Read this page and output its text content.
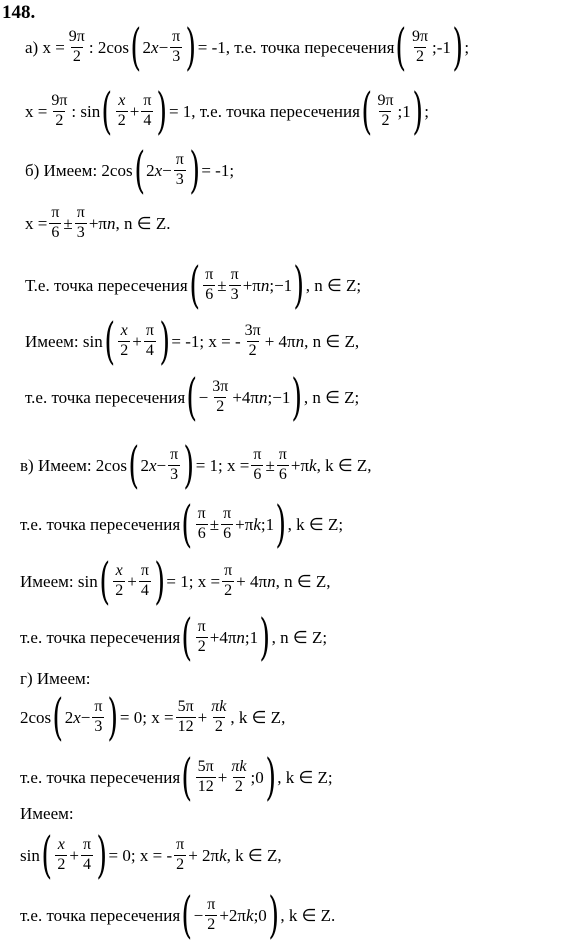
148.
а) $x = \frac{9\pi}{2}$ : $2\cos(2x- \frac{\pi}{3}$ )= -1, т.е. точка пересечения( $\frac{9\pi}{2}$ ;-1);
$x = \frac{9\pi}{2}$ : $\sin( \frac{x}{2} + \frac{\pi}{4}$ )= 1, т.е. точка пересечения( $\frac{9\pi}{2}$ ;1);
б) Имеем: $2\cos(2x- \frac{\pi}{3}$ )= -1;
$x = \frac{\pi}{6} \pm \frac{\pi}{3} +\pi n$, n ∈ Z.
Т.е. точка пересечения( $\frac{\pi}{6} \pm \frac{\pi}{3}$ +πn;−1), n ∈ Z;
Имеем: $\sin( \frac{x}{2} + \frac{\pi}{4}$ )= -1; x = - $\frac{3\pi}{2} + 4\pi n$, n ∈ Z,
т.е. точка пересечения(− $\frac{3\pi}{2}$ +4πn;−1), n ∈ Z;
в) Имеем: $2\cos(2x- \frac{\pi}{3}$ )= 1; $x = \frac{\pi}{6} \pm \frac{\pi}{6} +\pi k$, k ∈ Z,
т.е. точка пересечения( $\frac{\pi}{6} \pm \frac{\pi}{6}$ +πk;1), k ∈ Z;
Имеем: $\sin( \frac{x}{2} + \frac{\pi}{4}$ )= 1; $x = \frac{\pi}{2} + 4\pi n$, n ∈ Z,
т.е. точка пересечения( $\frac{\pi}{2}$ +4πn;1), n ∈ Z;
г) Имеем:
$2\cos(2x- \frac{\pi}{3}$ )= 0; $x = \frac{5\pi}{12} + \frac{\pi k}{2}$ , k ∈ Z,
т.е. точка пересечения( $\frac{5\pi}{12} + \frac{\pi k}{2}$ ;0), k ∈ Z;
Имеем:
$\sin( \frac{x}{2} + \frac{\pi}{4}$ )= 0; x = - $\frac{\pi}{2} + 2\pi k$, k ∈ Z,
т.е. точка пересечения(− $\frac{\pi}{2}$ +2πk;0), k ∈ Z.
